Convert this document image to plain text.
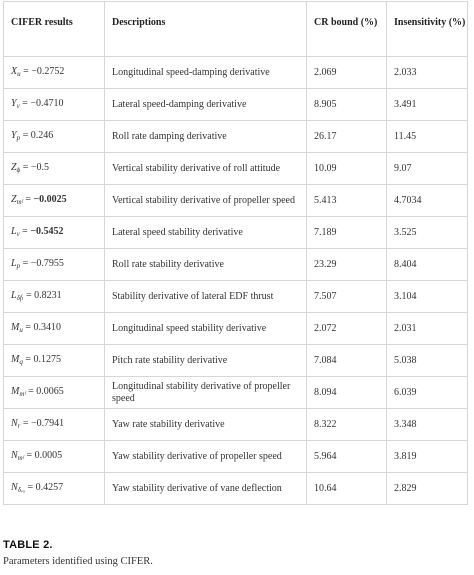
CIFER results	Descriptions	CR bound (%)	Insensitivity (%)

$X_u = -0.2752$	Longitudinal speed-damping derivative	2.069	2.033
$Y_v = -0.4710$	Lateral speed-damping derivative	8.905	3.491
$Y_p = 0.246$	Roll rate damping derivative	26.17	11.45
$Z_\phi = -0.5$	Vertical stability derivative of roll attitude	10.09	9.07
$Z_{mᶠ} = -0.0025$	Vertical stability derivative of propeller speed	5.413	4.7034
$L_v = -0.5452$	Lateral speed stability derivative	7.189	3.525
$L_p = -0.7955$	Roll rate stability derivative	23.29	8.404
$L_{\delta f_l} = 0.8231$	Stability derivative of lateral EDF thrust	7.507	3.104
$M_u = 0.3410$	Longitudinal speed stability derivative	2.072	2.031
$M_q = 0.1275$	Pitch rate stability derivative	7.084	5.038
$M_{mᶠ} = 0.0065$	Longitudinal stability derivative of propeller speed	8.094	6.039
$N_r = -0.7941$	Yaw rate stability derivative	8.322	3.348
$N_{mᶠ} = 0.0005$	Yaw stability derivative of propeller speed	5.964	3.819
$N_{\delta ᵥ_a} = 0.4257$	Yaw stability derivative of vane deflection	10.64	2.829
TABLE 2.
Parameters identified using CIFER.
